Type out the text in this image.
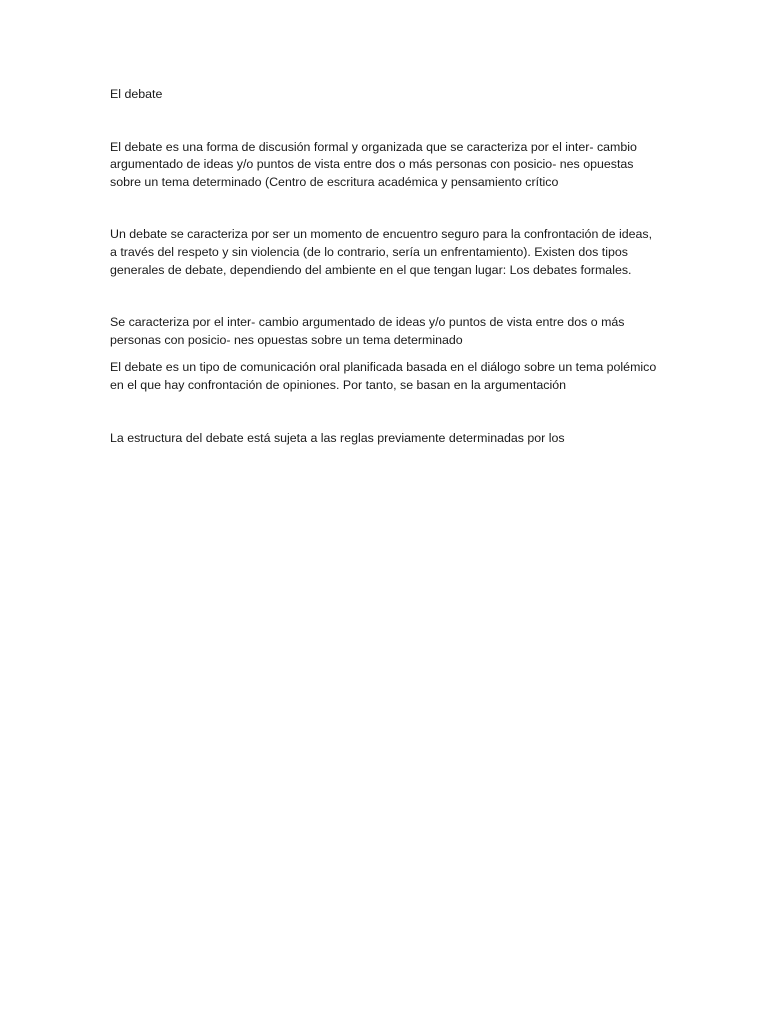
El debate

El debate es una forma de discusión formal y organizada que se caracteriza por el inter- cambio argumentado de ideas y/o puntos de vista entre dos o más personas con posicio- nes opuestas sobre un tema determinado (Centro de escritura académica y pensamiento crítico

Un debate se caracteriza por ser un momento de encuentro seguro para la confrontación de ideas, a través del respeto y sin violencia (de lo contrario, sería un enfrentamiento). Existen dos tipos generales de debate, dependiendo del ambiente en el que tengan lugar: Los debates formales.

Se caracteriza por el inter- cambio argumentado de ideas y/o puntos de vista entre dos o más personas con posicio- nes opuestas sobre un tema determinado

El debate es un tipo de comunicación oral planificada basada en el diálogo sobre un tema polémico en el que hay confrontación de opiniones. Por tanto, se basan en la argumentación

La estructura del debate está sujeta a las reglas previamente determinadas por los
